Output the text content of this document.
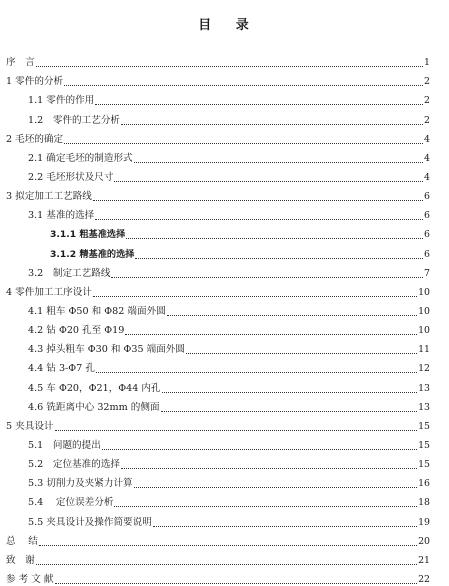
目 录
序　言	1
1 零件的分析	2
1.1 零件的作用	2
1.2　零件的工艺分析	2
2 毛坯的确定	4
2.1 确定毛坯的制造形式	4
2.2 毛坯形状及尺寸	4
3 拟定加工工艺路线	6
3.1 基准的选择	6
3.1.1 粗基准选择	6
3.1.2 精基准的选择	6
3.2　制定工艺路线	7
4 零件加工工序设计	10
4.1 粗车 Φ50 和 Φ82 端面外圆	10
4.2 钻 Φ20 孔至 Φ19	10
4.3 掉头粗车 Φ30 和 Φ35 端面外圆	11
4.4 钻 3-Φ7 孔	12
4.5 车 Φ20，Φ21，Φ44 内孔	13
4.6 铣距离中心 32mm 的侧面	13
5 夹具设计	15
5.1　问题的提出	15
5.2　定位基准的选择	15
5.3 切削力及夹紧力计算	16
5.4　 定位误差分析	18
5.5 夹具设计及操作简要说明	19
总　 结	20
致　谢	21
参 考 文 献	22
